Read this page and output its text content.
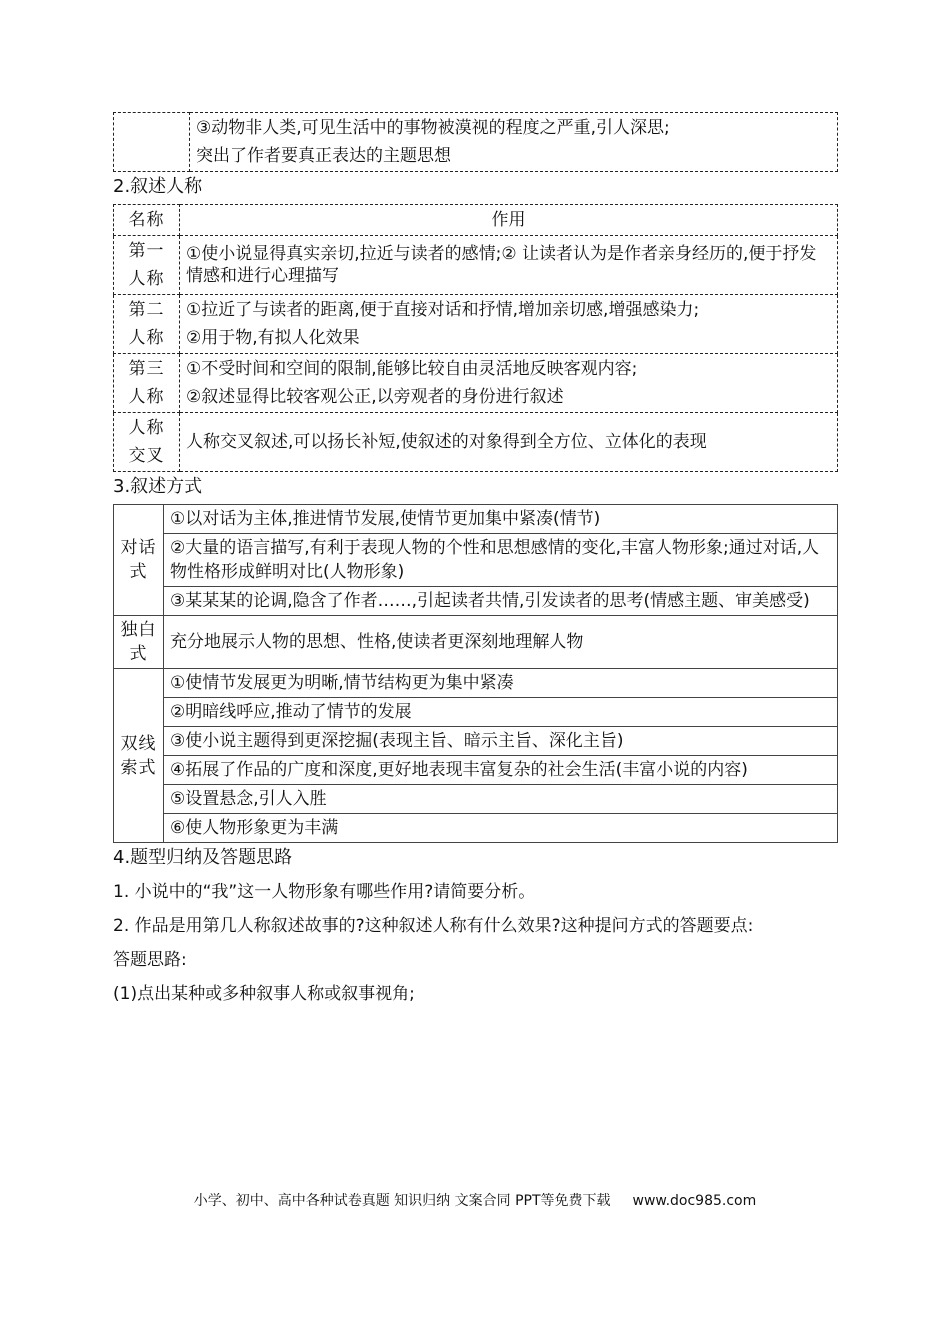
③动物非人类,可见生活中的事物被漠视的程度之严重,引人深思;
突出了作者要真正表达的主题思想
2.叙述人称
名称	作用

第一
人称	①使小说显得真实亲切,拉近与读者的感情;② 让读者认为是作者亲身经历的,便于抒发情感和进行心理描写

第二
人称	①拉近了与读者的距离,便于直接对话和抒情,增加亲切感,增强感染力;
②用于物,有拟人化效果

第三
人称	①不受时间和空间的限制,能够比较自由灵活地反映客观内容;
②叙述显得比较客观公正,以旁观者的身份进行叙述

人称
交叉	人称交叉叙述,可以扬长补短,使叙述的对象得到全方位、立体化的表现
3.叙述方式
对话
式	①以对话为主体,推进情节发展,使情节更加集中紧凑(情节)
	②大量的语言描写,有利于表现人物的个性和思想感情的变化,丰富人物形象;通过对话,人物性格形成鲜明对比(人物形象)
	③某某某的论调,隐含了作者……,引起读者共情,引发读者的思考(情感主题、审美感受)

独白
式	充分地展示人物的思想、性格,使读者更深刻地理解人物

双线
索式	①使情节发展更为明晰,情节结构更为集中紧凑
	②明暗线呼应,推动了情节的发展
	③使小说主题得到更深挖掘(表现主旨、暗示主旨、深化主旨)
	④拓展了作品的广度和深度,更好地表现丰富复杂的社会生活(丰富小说的内容)
	⑤设置悬念,引人入胜
	⑥使人物形象更为丰满
4.题型归纳及答题思路

1. 小说中的“我”这一人物形象有哪些作用?请简要分析。

2. 作品是用第几人称叙述故事的?这种叙述人称有什么效果?这种提问方式的答题要点:

答题思路:

(1)点出某种或多种叙事人称或叙事视角;

小学、初中、高中各种试卷真题 知识归纳 文案合同 PPT等免费下载 www.doc985.com
